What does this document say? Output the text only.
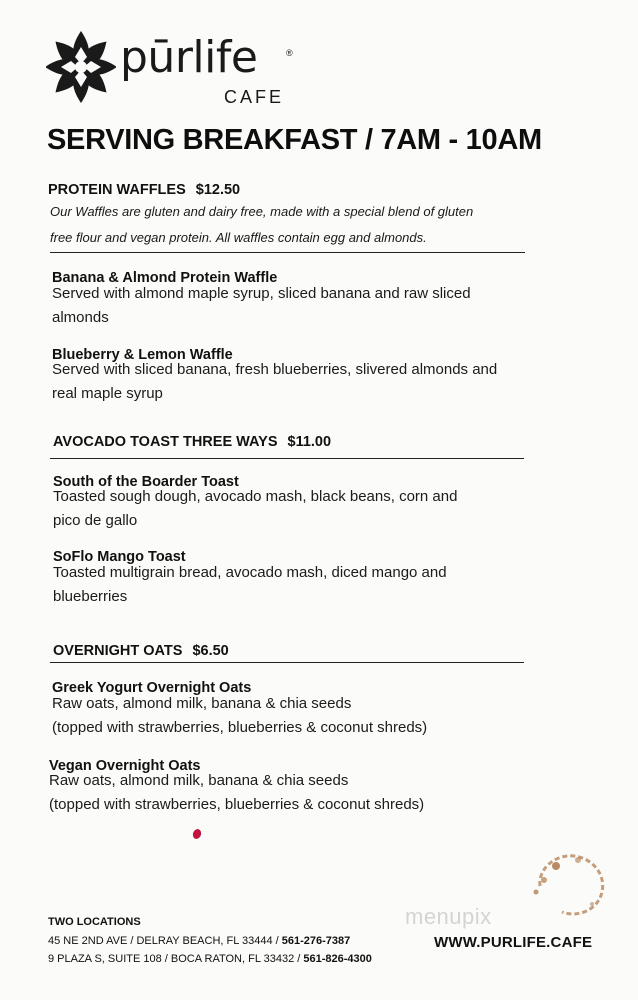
pūrlife	®
CAFE
SERVING BREAKFAST / 7AM - 10AM
PROTEIN WAFFLES $12.50
Our Waffles are gluten and dairy free, made with a special blend of gluten
free flour and vegan protein. All waffles contain egg and almonds.
Banana & Almond Protein Waffle
Served with almond maple syrup, sliced banana and raw sliced
almonds
Blueberry & Lemon Waffle
Served with sliced banana, fresh blueberries, slivered almonds and
real maple syrup
AVOCADO TOAST THREE WAYS $11.00
South of the Boarder Toast
Toasted sough dough, avocado mash, black beans, corn and
pico de gallo
SoFlo Mango Toast
Toasted multigrain bread, avocado mash, diced mango and
blueberries
OVERNIGHT OATS $6.50
Greek Yogurt Overnight Oats
Raw oats, almond milk, banana & chia seeds
(topped with strawberries, blueberries & coconut shreds)
Vegan Overnight Oats
Raw oats, almond milk, banana & chia seeds
(topped with strawberries, blueberries & coconut shreds)
TWO LOCATIONS
45 NE 2ND AVE / DELRAY BEACH, FL 33444 / 561-276-7387
9 PLAZA S, SUITE 108 / BOCA RATON, FL 33432 / 561-826-4300
menupix
WWW.PURLIFE.CAFE
